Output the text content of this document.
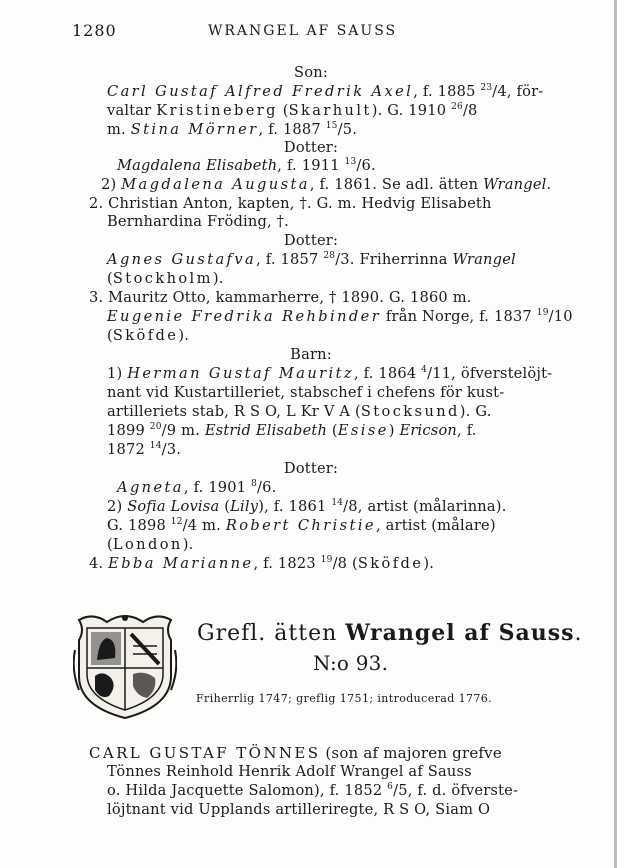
1280	WRANGEL AF SAUSS
Son:
Carl Gustaf Alfred Fredrik Axel, f. 1885 $^{23}$/4, för-
valtar Kristineberg (Skarhult). G. 1910 $^{26}$/8
m. Stina Mörner, f. 1887 $^{15}$/5.
Dotter:
Magdalena Elisabeth, f. 1911 $^{13}$/6.
2) Magdalena Augusta, f. 1861. Se adl. ätten Wrangel.
2. Christian Anton, kapten, †. G. m. Hedvig Elisabeth
Bernhardina Fröding, †.
Dotter:
Agnes Gustafva, f. 1857 $^{28}$/3. Friherrinna Wrangel
(Stockholm).
3. Mauritz Otto, kammarherre, † 1890. G. 1860 m.
Eugenie Fredrika Rehbinder från Norge, f. 1837 $^{19}$/10
(Sköfde).
Barn:
1) Herman Gustaf Mauritz, f. 1864 $^4$/11, öfverstelöjt-
nant vid Kustartilleriet, stabschef i chefens för kust-
artilleriets stab, R S O, L Kr V A (Stocksund). G.
1899 $^{20}$/9 m. Estrid Elisabeth (Esise) Ericson, f.
1872 $^{14}$/3.
Dotter:
Agneta, f. 1901 $^8$/6.
2) Sofia Lovisa (Lily), f. 1861 $^{14}$/8, artist (målarinna).
G. 1898 $^{12}$/4 m. Robert Christie, artist (målare)
(London).
4. Ebba Marianne, f. 1823 $^{19}$/8 (Sköfde).
Grefl. ätten Wrangel af Sauss.
N:o 93.
Friherrlig 1747; greflig 1751; introducerad 1776.
CARL GUSTAF TÖNNES (son af majoren grefve
Tönnes Reinhold Henrik Adolf Wrangel af Sauss
o. Hilda Jacquette Salomon), f. 1852 $^6$/5, f. d. öfverste-
löjtnant vid Upplands artilleriregte, R S O, Siam O
